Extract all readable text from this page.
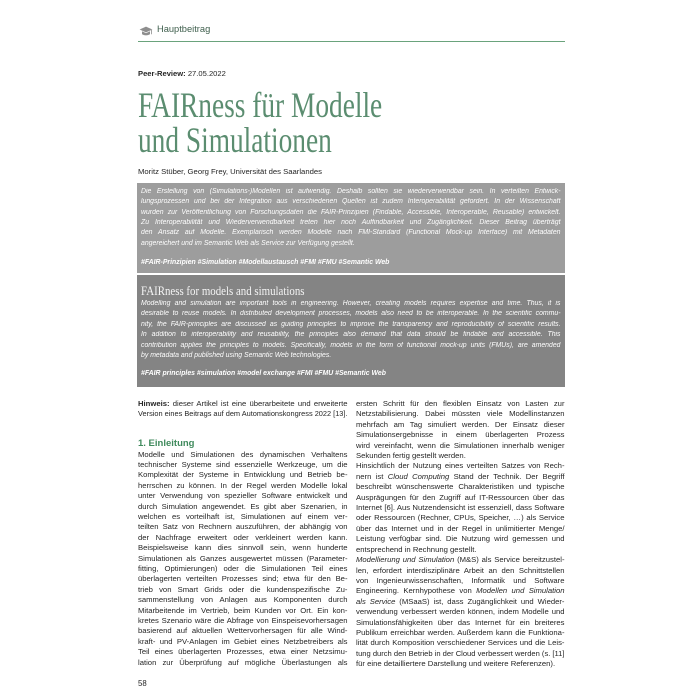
Hauptbeitrag
Peer-Review: 27.05.2022
FAIRness für Modelle
und Simulationen
Moritz Stüber, Georg Frey, Universität des Saarlandes
Die Erstellung von (Simulations-)Modellen ist aufwendig. Deshalb sollten sie wiederverwendbar sein. In verteilten Entwick-
lungsprozessen und bei der Integration aus verschiedenen Quellen ist zudem Interoperabilität gefordert. In der Wissenschaft
wurden zur Veröffentlichung von Forschungsdaten die FAIR-Prinzipien (Findable, Accessible, Interoperable, Reusable) entwickelt.
Zu Interoperabilität und Wiederverwendbarkeit treten hier noch Auffindbarkeit und Zugänglichkeit. Dieser Beitrag überträgt
den Ansatz auf Modelle. Exemplarisch werden Modelle nach FMI-Standard (Functional Mock-up Interface) mit Metadaten
angereichert und im Semantic Web als Service zur Verfügung gestellt.
#FAIR-Prinzipien #Simulation #Modellaustausch #FMI #FMU #Semantic Web
FAIRness for models and simulations
Modelling and simulation are important tools in engineering. However, creating models requires expertise and time. Thus, it is
desirable to reuse models. In distributed development processes, models also need to be interoperable. In the scientific commu-
nity, the FAIR-principles are discussed as guiding principles to improve the transparency and reproducibility of scientific results.
In addition to interoperability and reusability, the principles also demand that data should be findable and accessible. This
contribution applies the principles to models. Specifically, models in the form of functional mock-up units (FMUs), are amended
by metadata and published using Semantic Web technologies.
#FAIR principles #simulation #model exchange #FMI #FMU #Semantic Web
Hinweis: dieser Artikel ist eine überarbeitete und erweiterte
Version eines Beitrags auf dem Automationskongress 2022 [13].
1. Einleitung
Modelle und Simulationen des dynamischen Verhaltens
technischer Systeme sind essenzielle Werkzeuge, um die
Komplexität der Systeme in Entwicklung und Betrieb be-
herrschen zu können. In der Regel werden Modelle lokal
unter Verwendung von spezieller Software entwickelt und
durch Simulation angewendet. Es gibt aber Szenarien, in
welchen es vorteilhaft ist, Simulationen auf einem ver-
teilten Satz von Rechnern auszuführen, der abhängig von
der Nachfrage erweitert oder verkleinert werden kann.
Beispielsweise kann dies sinnvoll sein, wenn hunderte
Simulationen als Ganzes ausgewertet müssen (Parameter-
fitting, Optimierungen) oder die Simulationen Teil eines
überlagerten verteilten Prozesses sind; etwa für den Be-
trieb von Smart Grids oder die kundenspezifische Zu-
sammenstellung von Anlagen aus Komponenten durch
Mitarbeitende im Vertrieb, beim Kunden vor Ort. Ein kon-
kretes Szenario wäre die Abfrage von Einspeisevorhersagen
basierend auf aktuellen Wettervorhersagen für alle Wind-
kraft- und PV-Anlagen im Gebiet eines Netzbetreibers als
Teil eines überlagerten Prozesses, etwa einer Netzsimu-
lation zur Überprüfung auf mögliche Überlastungen als
ersten Schritt für den flexiblen Einsatz von Lasten zur
Netzstabilisierung. Dabei müssten viele Modellinstanzen
mehrfach am Tag simuliert werden. Der Einsatz dieser
Simulationsergebnisse in einem überlagerten Prozess
wird vereinfacht, wenn die Simulationen innerhalb weniger
Sekunden fertig gestellt werden.
Hinsichtlich der Nutzung eines verteilten Satzes von Rech-
nern ist Cloud Computing Stand der Technik. Der Begriff
beschreibt wünschenswerte Charakteristiken und typische
Ausprägungen für den Zugriff auf IT-Ressourcen über das
Internet [6]. Aus Nutzendensicht ist essenziell, dass Software
oder Ressourcen (Rechner, CPUs, Speicher, …) als Service
über das Internet und in der Regel in unlimitierter Menge/
Leistung verfügbar sind. Die Nutzung wird gemessen und
entsprechend in Rechnung gestellt.
Modellierung und Simulation (M&S) als Service bereitzustel-
len, erfordert interdisziplinäre Arbeit an den Schnittstellen
von Ingenieurwissenschaften, Informatik und Software
Engineering. Kernhypothese von Modellen und Simulation
als Service (MSaaS) ist, dass Zugänglichkeit und Wieder-
verwendung verbessert werden können, indem Modelle und
Simulationsfähigkeiten über das Internet für ein breiteres
Publikum erreichbar werden. Außerdem kann die Funktiona-
lität durch Komposition verschiedener Services und die Leis-
tung durch den Betrieb in der Cloud verbessert werden (s. [11]
für eine detailliertere Darstellung und weitere Referenzen).
58
